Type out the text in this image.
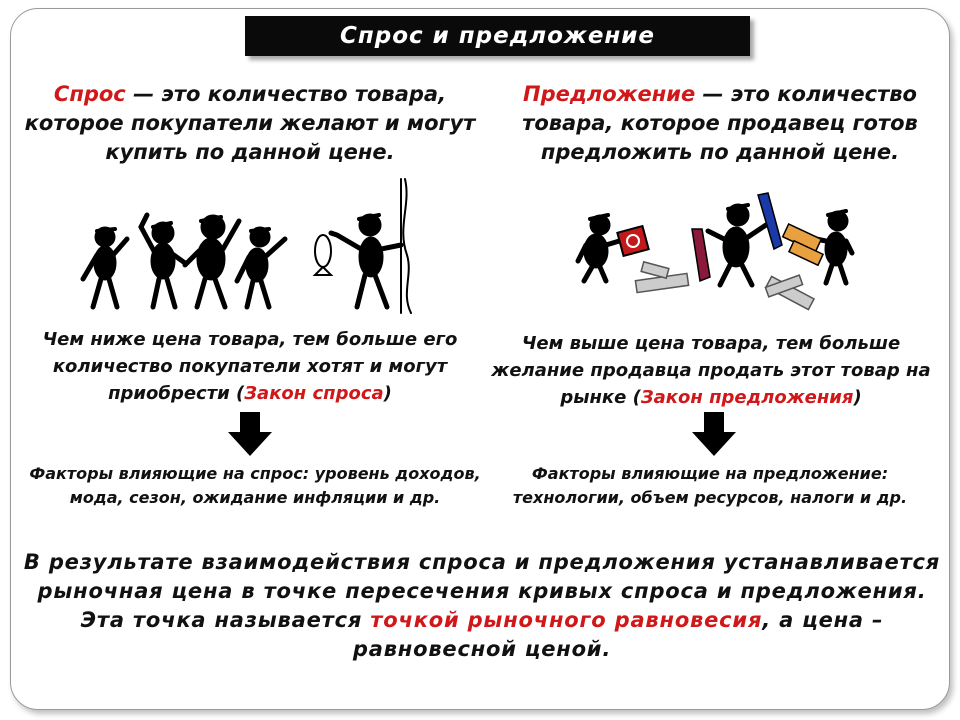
Спрос и предложение
Спрос — это количество товара, которое покупатели желают и могут купить по данной цене.
Предложение — это количество товара, которое продавец готов предложить по данной цене.
Чем ниже цена товара, тем больше его количество покупатели хотят и могут приобрести (Закон спроса)
Чем выше цена товара, тем больше желание продавца продать этот товар на рынке (Закон предложения)
Факторы влияющие на спрос: уровень доходов, мода, сезон, ожидание инфляции и др.
Факторы влияющие на предложение: технологии, объем ресурсов, налоги и др.
В результате взаимодействия спроса и предложения устанавливается рыночная цена в точке пересечения кривых спроса и предложения. Эта точка называется точкой рыночного равновесия, а цена – равновесной ценой.
